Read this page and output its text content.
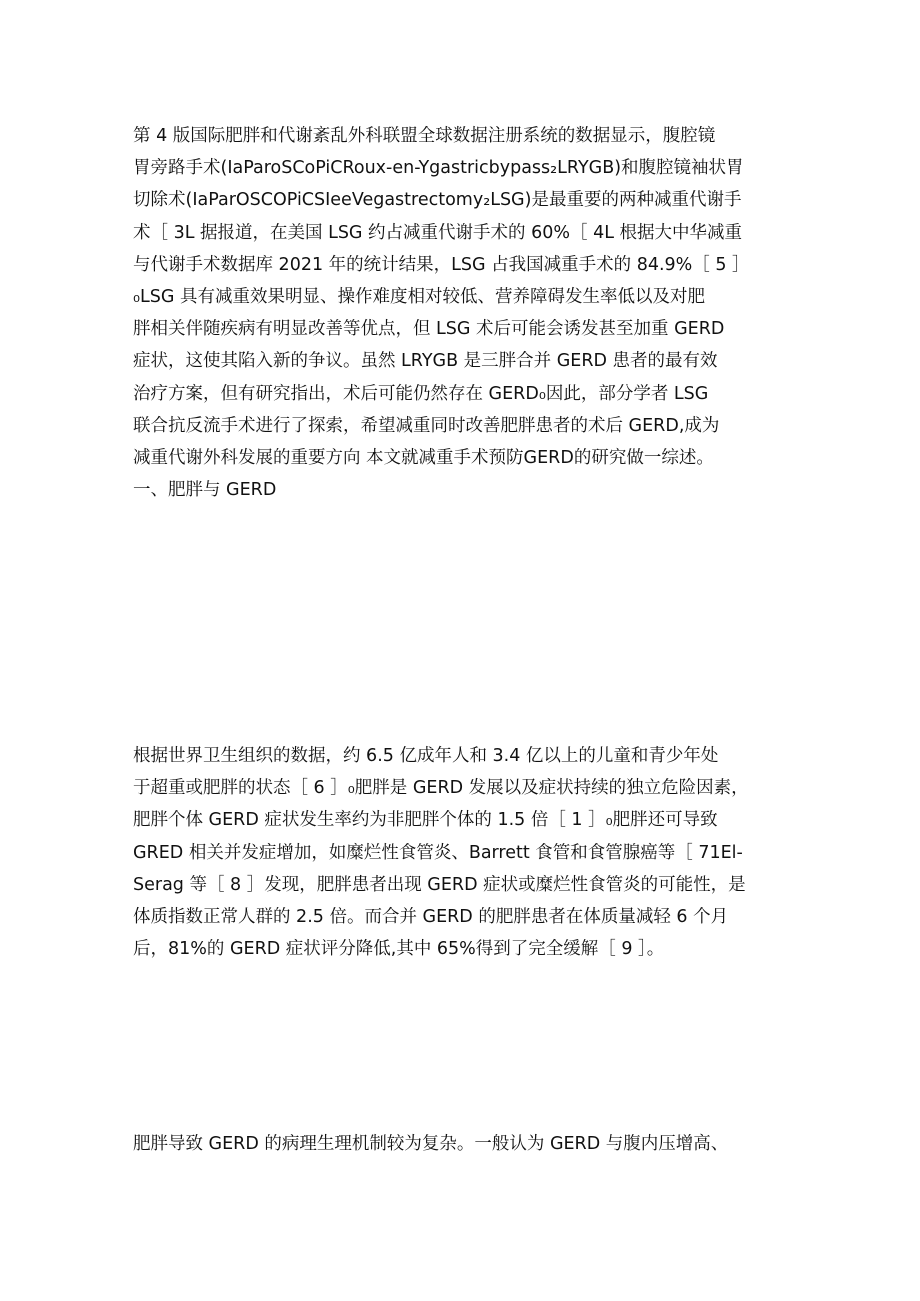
第 4 版国际肥胖和代谢紊乱外科联盟全球数据注册系统的数据显示，腹腔镜
胃旁路手术(IaParoSCoPiCRoux-en-Ygastricbypass₂LRYGB)和腹腔镜袖状胃
切除术(IaParOSCOPiCSIeeVegastrectomy₂LSG)是最重要的两种减重代谢手
术［ 3L 据报道，在美国 LSG 约占减重代谢手术的 60%［ 4L 根据大中华减重
与代谢手术数据库 2021 年的统计结果，LSG 占我国减重手术的 84.9%［ 5 ］
₀LSG 具有减重效果明显、操作难度相对较低、营养障碍发生率低以及对肥
胖相关伴随疾病有明显改善等优点，但 LSG 术后可能会诱发甚至加重 GERD
症状，这使其陷入新的争议。虽然 LRYGB 是三胖合并 GERD 患者的最有效
治疗方案，但有研究指出，术后可能仍然存在 GERD₀因此，部分学者 LSG
联合抗反流手术进行了探索，希望减重同时改善肥胖患者的术后 GERD,成为
减重代谢外科发展的重要方向 本文就减重手术预防GERD的研究做一综述。
一、肥胖与 GERD
根据世界卫生组织的数据，约 6.5 亿成年人和 3.4 亿以上的儿童和青少年处
于超重或肥胖的状态［ 6 ］₀肥胖是 GERD 发展以及症状持续的独立危险因素，
肥胖个体 GERD 症状发生率约为非肥胖个体的 1.5 倍［ 1 ］₀肥胖还可导致
GRED 相关并发症增加，如糜烂性食管炎、Barrett 食管和食管腺癌等［ 71El-
Serag 等［ 8 ］发现，肥胖患者出现 GERD 症状或糜烂性食管炎的可能性，是
体质指数正常人群的 2.5 倍。而合并 GERD 的肥胖患者在体质量减轻 6 个月
后，81%的 GERD 症状评分降低,其中 65%得到了完全缓解［ 9 ］。
肥胖导致 GERD 的病理生理机制较为复杂。一般认为 GERD 与腹内压增高、
